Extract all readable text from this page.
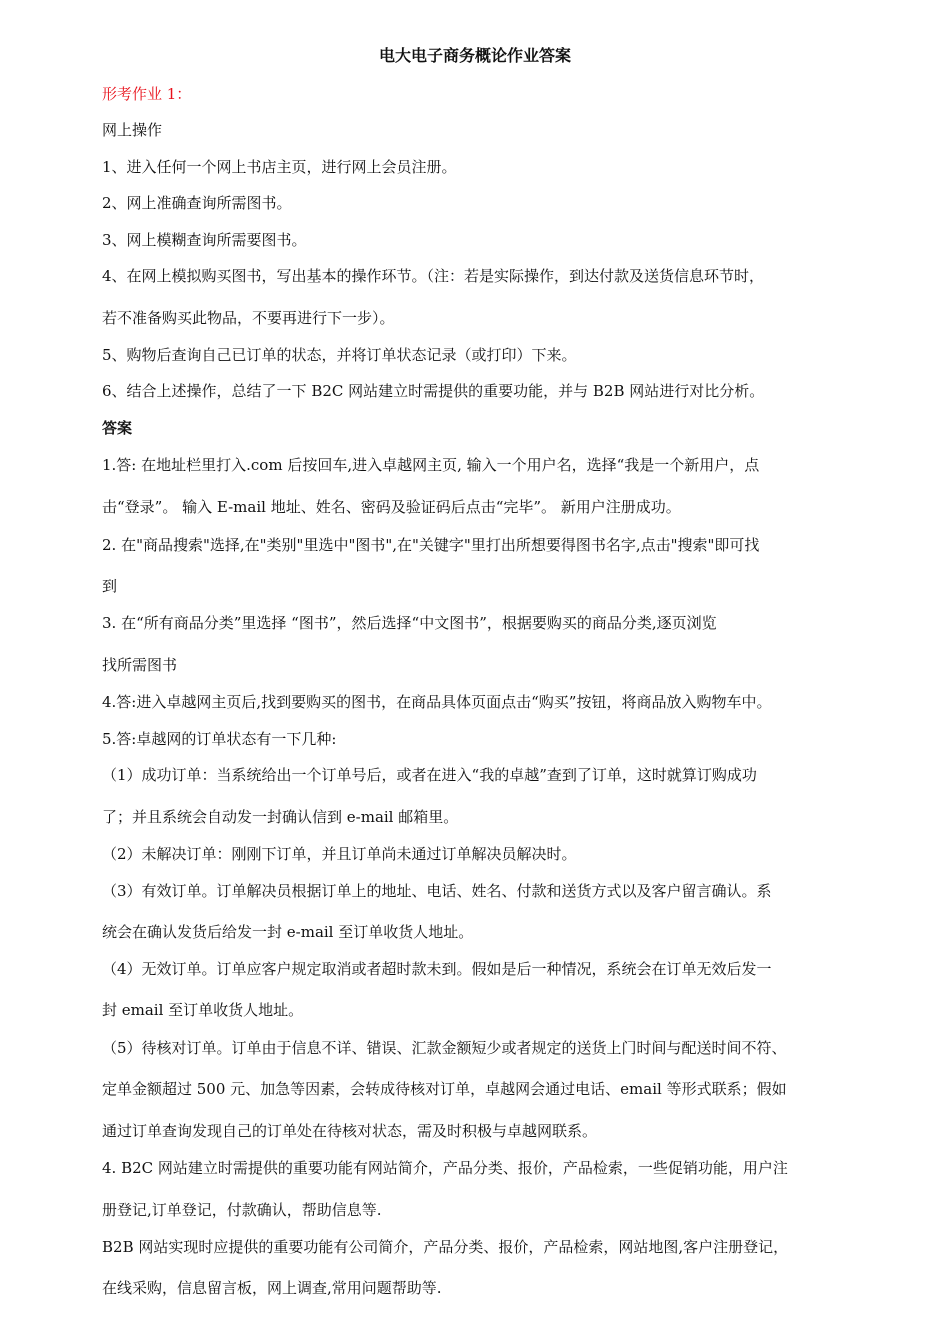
电大电子商务概论作业答案
形考作业 1：
网上操作
1、进入任何一个网上书店主页，进行网上会员注册。
2、网上准确查询所需图书。
3、网上模糊查询所需要图书。
4、在网上模拟购买图书，写出基本的操作环节。（注：若是实际操作，到达付款及送货信息环节时，
若不准备购买此物品，不要再进行下一步）。
5、购物后查询自己已订单的状态，并将订单状态记录（或打印）下来。
6、结合上述操作，总结了一下 B2C 网站建立时需提供的重要功能，并与 B2B 网站进行对比分析。
答案
1.答: 在地址栏里打入.com 后按回车,进入卓越网主页, 输入一个用户名，选择“我是一个新用户，点
击“登录”。 输入 E-mail 地址、姓名、密码及验证码后点击“完毕”。 新用户注册成功。
2. 在"商品搜索"选择,在"类别"里选中"图书",在"关键字"里打出所想要得图书名字,点击"搜索"即可找
到
3. 在“所有商品分类”里选择 “图书”，然后选择“中文图书”，根据要购买的商品分类,逐页浏览
找所需图书
4.答:进入卓越网主页后,找到要购买的图书，在商品具体页面点击“购买”按钮，将商品放入购物车中。
5.答:卓越网的订单状态有一下几种:
（1）成功订单：当系统给出一个订单号后，或者在进入“我的卓越”查到了订单，这时就算订购成功
了；并且系统会自动发一封确认信到 e-mail 邮箱里。
（2）未解决订单：刚刚下订单，并且订单尚未通过订单解决员解决时。
（3）有效订单。订单解决员根据订单上的地址、电话、姓名、付款和送货方式以及客户留言确认。系
统会在确认发货后给发一封 e-mail 至订单收货人地址。
（4）无效订单。订单应客户规定取消或者超时款未到。假如是后一种情况，系统会在订单无效后发一
封 email 至订单收货人地址。
（5）待核对订单。订单由于信息不详、错误、汇款金额短少或者规定的送货上门时间与配送时间不符、
定单金额超过 500 元、加急等因素，会转成待核对订单，卓越网会通过电话、email 等形式联系；假如
通过订单查询发现自己的订单处在待核对状态，需及时积极与卓越网联系。
4. B2C 网站建立时需提供的重要功能有网站简介，产品分类、报价，产品检索，一些促销功能，用户注
册登记,订单登记，付款确认，帮助信息等.
B2B 网站实现时应提供的重要功能有公司简介，产品分类、报价，产品检索，网站地图,客户注册登记，
在线采购，信息留言板，网上调查,常用问题帮助等.
